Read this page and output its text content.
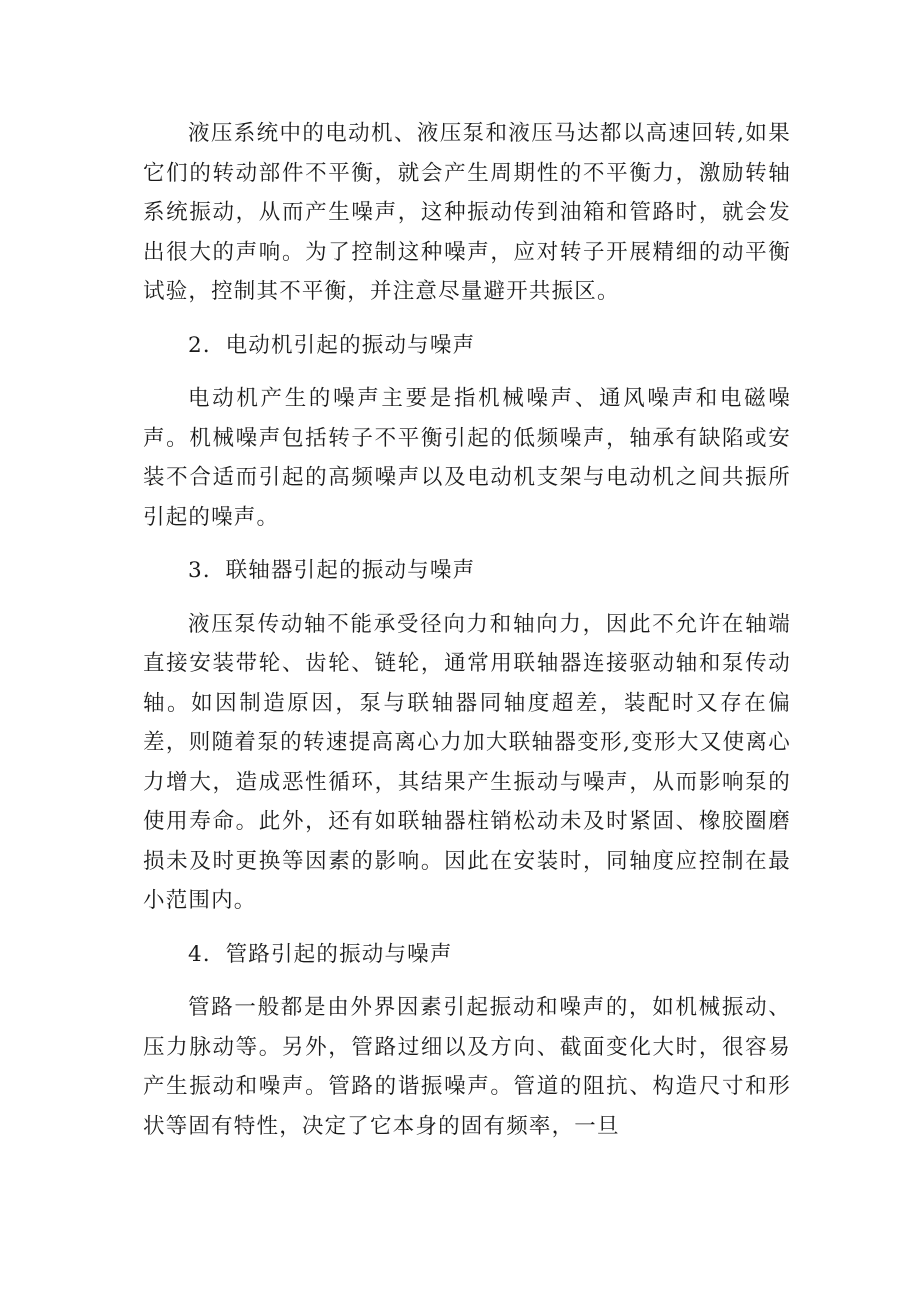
液压系统中的电动机、液压泵和液压马达都以高速回转,如果它们的转动部件不平衡，就会产生周期性的不平衡力，激励转轴系统振动，从而产生噪声，这种振动传到油箱和管路时，就会发出很大的声响。为了控制这种噪声，应对转子开展精细的动平衡试验，控制其不平衡，并注意尽量避开共振区。

2．电动机引起的振动与噪声

电动机产生的噪声主要是指机械噪声、通风噪声和电磁噪声。机械噪声包括转子不平衡引起的低频噪声，轴承有缺陷或安装不合适而引起的高频噪声以及电动机支架与电动机之间共振所引起的噪声。

3．联轴器引起的振动与噪声

液压泵传动轴不能承受径向力和轴向力，因此不允许在轴端直接安装带轮、齿轮、链轮，通常用联轴器连接驱动轴和泵传动轴。如因制造原因，泵与联轴器同轴度超差，装配时又存在偏差，则随着泵的转速提高离心力加大联轴器变形,变形大又使离心力增大，造成恶性循环，其结果产生振动与噪声，从而影响泵的使用寿命。此外，还有如联轴器柱销松动未及时紧固、橡胶圈磨损未及时更换等因素的影响。因此在安装时，同轴度应控制在最小范围内。

4．管路引起的振动与噪声

管路一般都是由外界因素引起振动和噪声的，如机械振动、压力脉动等。另外，管路过细以及方向、截面变化大时，很容易产生振动和噪声。管路的谐振噪声。管道的阻抗、构造尺寸和形状等固有特性，决定了它本身的固有频率，一旦
